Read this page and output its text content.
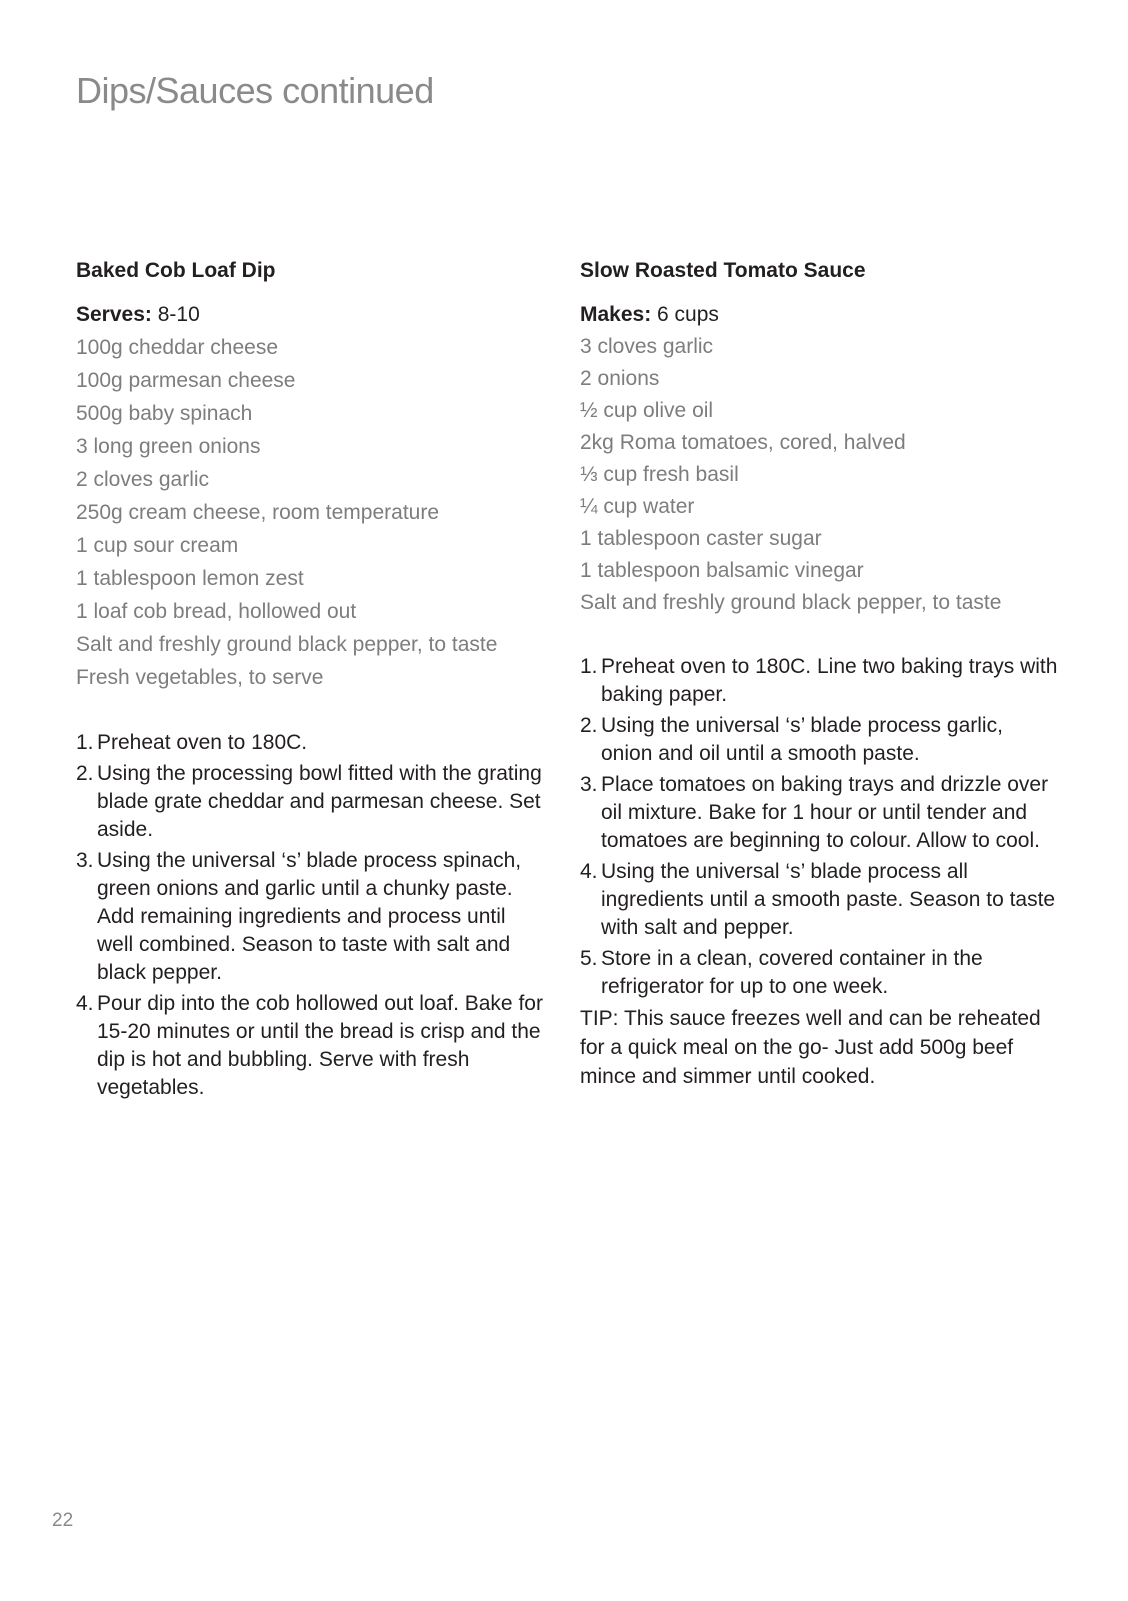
Dips/Sauces continued
Baked Cob Loaf Dip

Serves: 8-10

100g cheddar cheese
100g parmesan cheese
500g baby spinach
3 long green onions
2 cloves garlic
250g cream cheese, room temperature
1 cup sour cream
1 tablespoon lemon zest
1 loaf cob bread, hollowed out
Salt and freshly ground black pepper, to taste
Fresh vegetables, to serve
1. Preheat oven to 180C.
2. Using the processing bowl fitted with the grating blade grate cheddar and parmesan cheese. Set aside.
3. Using the universal ‘s’ blade process spinach, green onions and garlic until a chunky paste. Add remaining ingredients and process until well combined. Season to taste with salt and black pepper.
4. Pour dip into the cob hollowed out loaf. Bake for 15-20 minutes or until the bread is crisp and the dip is hot and bubbling. Serve with fresh vegetables.
Slow Roasted Tomato Sauce

Makes: 6 cups

3 cloves garlic
2 onions
½ cup olive oil
2kg Roma tomatoes, cored, halved
⅓ cup fresh basil
¼ cup water
1 tablespoon caster sugar
1 tablespoon balsamic vinegar
Salt and freshly ground black pepper, to taste
1. Preheat oven to 180C. Line two baking trays with baking paper.
2. Using the universal ‘s’ blade process garlic, onion and oil until a smooth paste.
3. Place tomatoes on baking trays and drizzle over oil mixture. Bake for 1 hour or until tender and tomatoes are beginning to colour. Allow to cool.
4. Using the universal ‘s’ blade process all ingredients until a smooth paste. Season to taste with salt and pepper.
5. Store in a clean, covered container in the refrigerator for up to one week.

TIP: This sauce freezes well and can be reheated for a quick meal on the go- Just add 500g beef mince and simmer until cooked.

22
